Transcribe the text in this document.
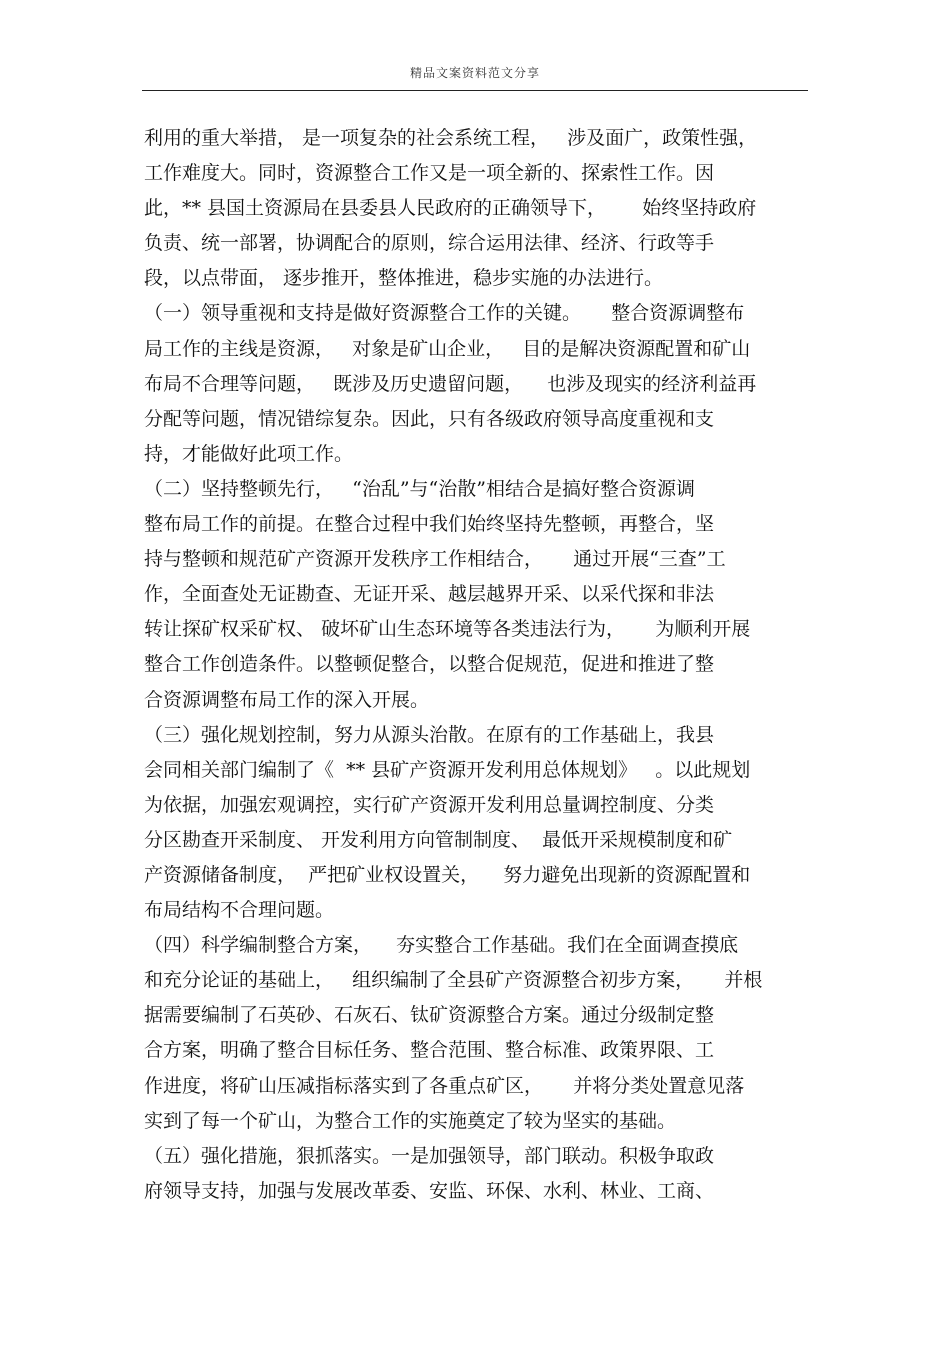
精品文案资料范文分享
利用的重大举措， 是一项复杂的社会系统工程，   涉及面广，政策性强，
工作难度大。同时，资源整合工作又是一项全新的、探索性工作。因
此，** 县国土资源局在县委县人民政府的正确领导下，      始终坚持政府
负责、统一部署，协调配合的原则，综合运用法律、经济、行政等手
段，以点带面， 逐步推开，整体推进，稳步实施的办法进行。
（一）领导重视和支持是做好资源整合工作的关键。     整合资源调整布
局工作的主线是资源，   对象是矿山企业，   目的是解决资源配置和矿山
布局不合理等问题，   既涉及历史遗留问题，    也涉及现实的经济利益再
分配等问题，情况错综复杂。因此，只有各级政府领导高度重视和支
持，才能做好此项工作。
（二）坚持整顿先行，   “治乱”与“治散”相结合是搞好整合资源调
整布局工作的前提。在整合过程中我们始终坚持先整顿，再整合，坚
持与整顿和规范矿产资源开发秩序工作相结合，     通过开展“三查”工
作，全面查处无证勘查、无证开采、越层越界开采、以采代探和非法
转让探矿权采矿权、 破坏矿山生态环境等各类违法行为，     为顺利开展
整合工作创造条件。以整顿促整合，以整合促规范，促进和推进了整
合资源调整布局工作的深入开展。
（三）强化规划控制，努力从源头治散。在原有的工作基础上，我县
会同相关部门编制了《  ** 县矿产资源开发利用总体规划》   。以此规划
为依据，加强宏观调控，实行矿产资源开发利用总量调控制度、分类
分区勘查开采制度、 开发利用方向管制制度、  最低开采规模制度和矿
产资源储备制度，  严把矿业权设置关，    努力避免出现新的资源配置和
布局结构不合理问题。
（四）科学编制整合方案，    夯实整合工作基础。我们在全面调查摸底
和充分论证的基础上，   组织编制了全县矿产资源整合初步方案，     并根
据需要编制了石英砂、石灰石、钛矿资源整合方案。通过分级制定整
合方案，明确了整合目标任务、整合范围、整合标准、政策界限、工
作进度，将矿山压减指标落实到了各重点矿区，     并将分类处置意见落
实到了每一个矿山，为整合工作的实施奠定了较为坚实的基础。
（五）强化措施，狠抓落实。一是加强领导，部门联动。积极争取政
府领导支持，加强与发展改革委、安监、环保、水利、林业、工商、
